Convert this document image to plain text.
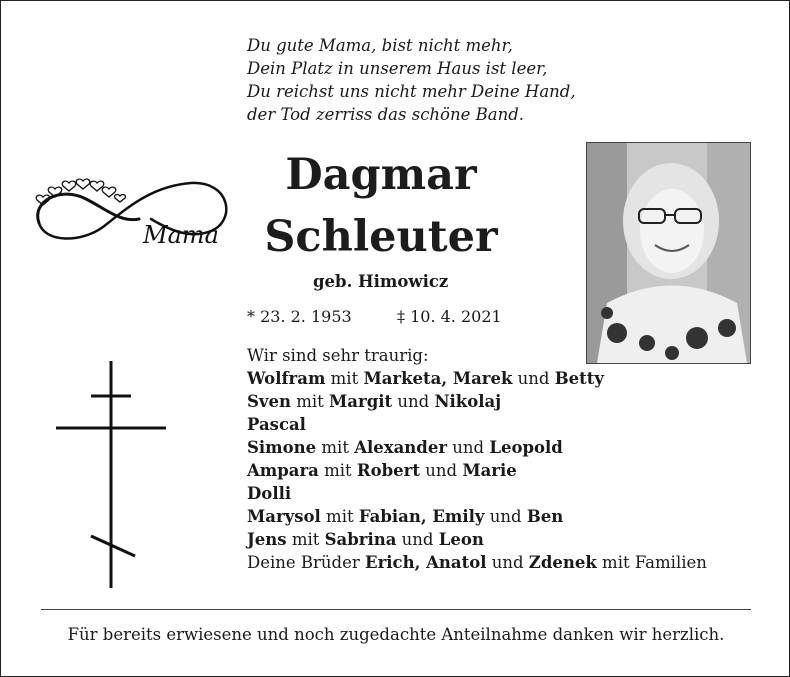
Du gute Mama, bist nicht mehr,
Dein Platz in unserem Haus ist leer,
Du reichst uns nicht mehr Deine Hand,
der Tod zerriss das schöne Band.
Mama
Dagmar
Schleuter
geb. Himowicz
* 23. 2. 1953	‡ 10. 4. 2021
Wir sind sehr traurig:
Wolfram mit Marketa, Marek und Betty
Sven mit Margit und Nikolaj
Pascal
Simone mit Alexander und Leopold
Ampara mit Robert und Marie
Dolli
Marysol mit Fabian, Emily und Ben
Jens mit Sabrina und Leon
Deine Brüder Erich, Anatol und Zdenek mit Familien
Für bereits erwiesene und noch zugedachte Anteilnahme danken wir herzlich.
